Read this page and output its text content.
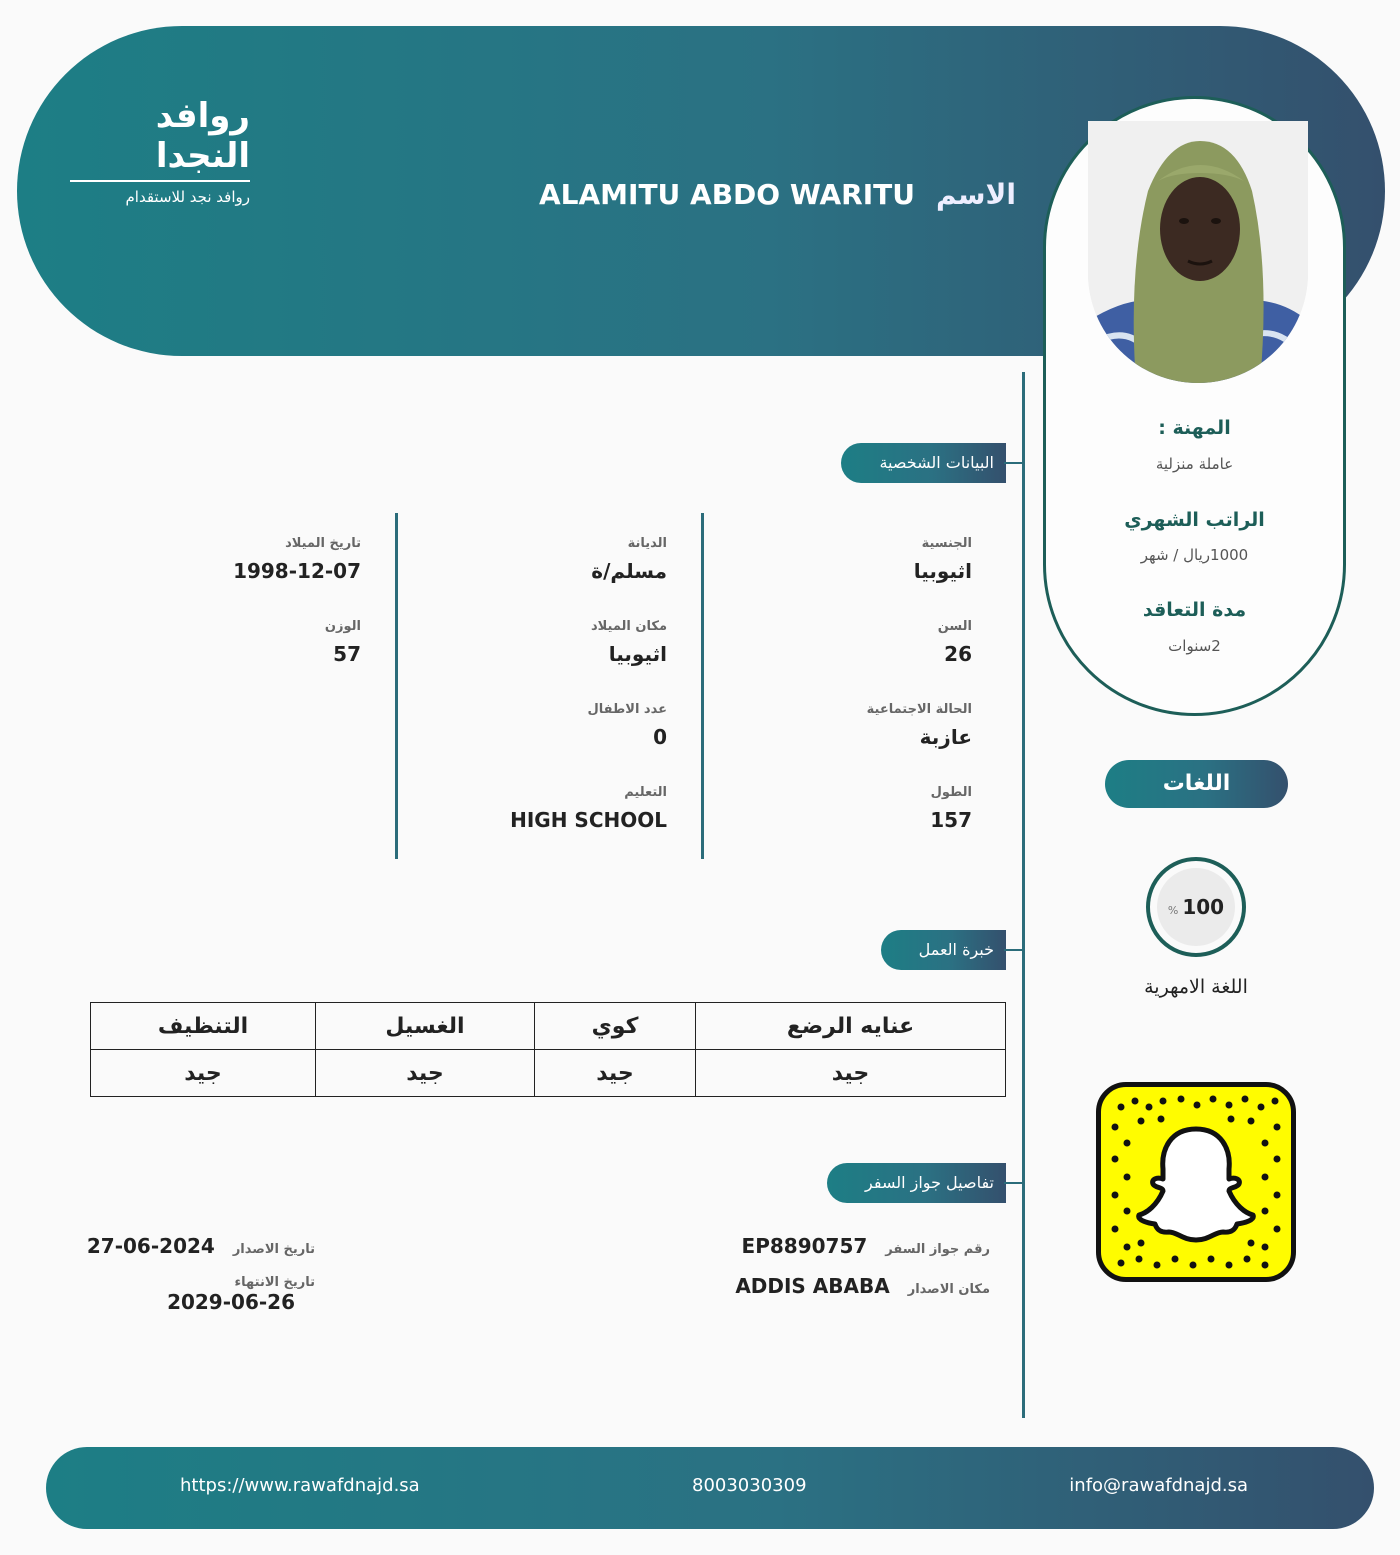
روافد النجدا
روافد نجد للاستقدام	الاسم ALAMITU ABDO WARITU
المهنة :
عاملة منزلية
الراتب الشهري
1000ريال / شهر
مدة التعاقد
2سنوات
البيانات الشخصية
الجنسية
اثيوبيا
السن
26
الحالة الاجتماعية
عازبة
الطول
157
الديانة
مسلم/ة
مكان الميلاد
اثيوبيا
عدد الاطفال
0
التعليم
HIGH SCHOOL
تاريخ الميلاد
1998-12-07
الوزن
57
خبرة العمل
عنايه الرضع	كوي	الغسيل	التنظيف
جيد	جيد	جيد	جيد
تفاصيل جواز السفر
رقم جواز السفرEP8890757
مكان الاصدارADDIS ABABA
تاريخ الاصدار2024-06-27
تاريخ الانتهاء
2029-06-26
اللغات
% 100
اللغة الامهرية
https://www.rawafdnajd.sa	8003030309	info@rawafdnajd.sa
